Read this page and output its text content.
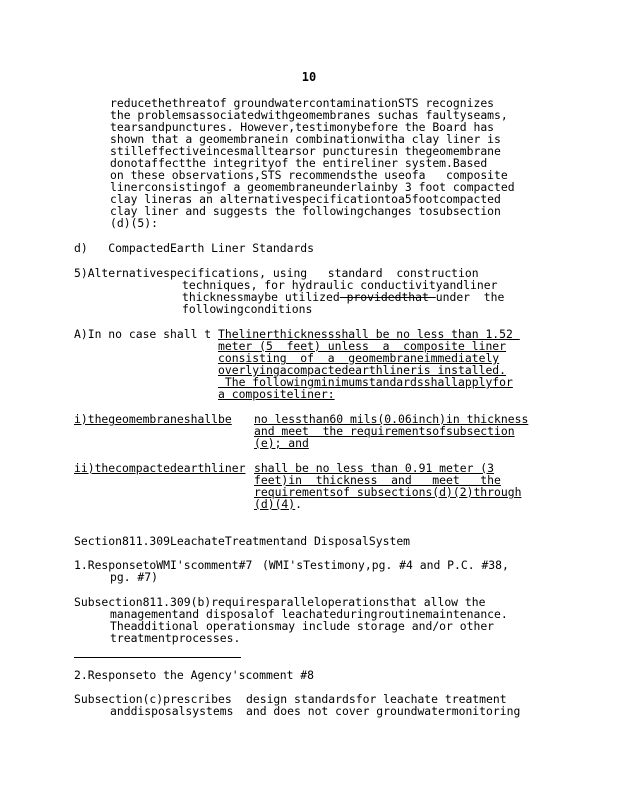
10
reducethethreatof groundwatercontaminationSTS recognizes
the problemsassociatedwithgeomembranes suchas faultyseams,
tearsandpunctures. However,testimonybefore the Board has
shown that a geomembranein combinationwitha clay liner is
stilleffectiveincesmalltearsor puncturesin thegeomembrane
donotaffectthe integrityof the entireliner system.Based
on these observations,STS recommendsthe useofa   composite
linerconsistingof a geomembraneunderlainby 3 foot compacted
clay lineras an alternativespecificationtoa5footcompacted
clay liner and suggests the followingchanges tosubsection
(d)(5):
d)   CompactedEarth Liner Standards
5)Alternativespecifications, using   standard  construction
techniques, for hydraulic conductivityandliner
thicknessmaybe utilized providedthat under  the
followingconditions
A)In no case shall t Thelinerthicknessshall be no less than 1.52
meter (5  feet) unless  a  composite liner
consisting  of  a  geomembraneimmediately
overlyingacompactedearthlineris installed.
The followingminimumstandardsshallapplyfor
a compositeliner:
i)thegeomembraneshallbe no lessthan60 mils(0.06inch)in thickness
and meet  the requirementsofsubsection
(e); and
ii)thecompactedearthliner shall be no less than 0.91 meter (3
feet)in  thickness  and   meet   the
requirementsof subsections(d)(2)through
(d)(4).
Section811.309LeachateTreatmentand DisposalSystem
1.ResponsetoWMI'scomment#7 (WMI'sTestimony,pg. #4 and P.C. #38,
pg. #7)
Subsection811.309(b)requiresparalleloperationsthat allow the
managementand disposalof leachateduringroutinemaintenance.
Theadditional operationsmay include storage and/or other
treatmentprocesses.
2.Responseto the Agency'scomment #8
Subsection(c)prescribes design standardsfor leachate treatment
anddisposalsystems and does not cover groundwatermonitoring
